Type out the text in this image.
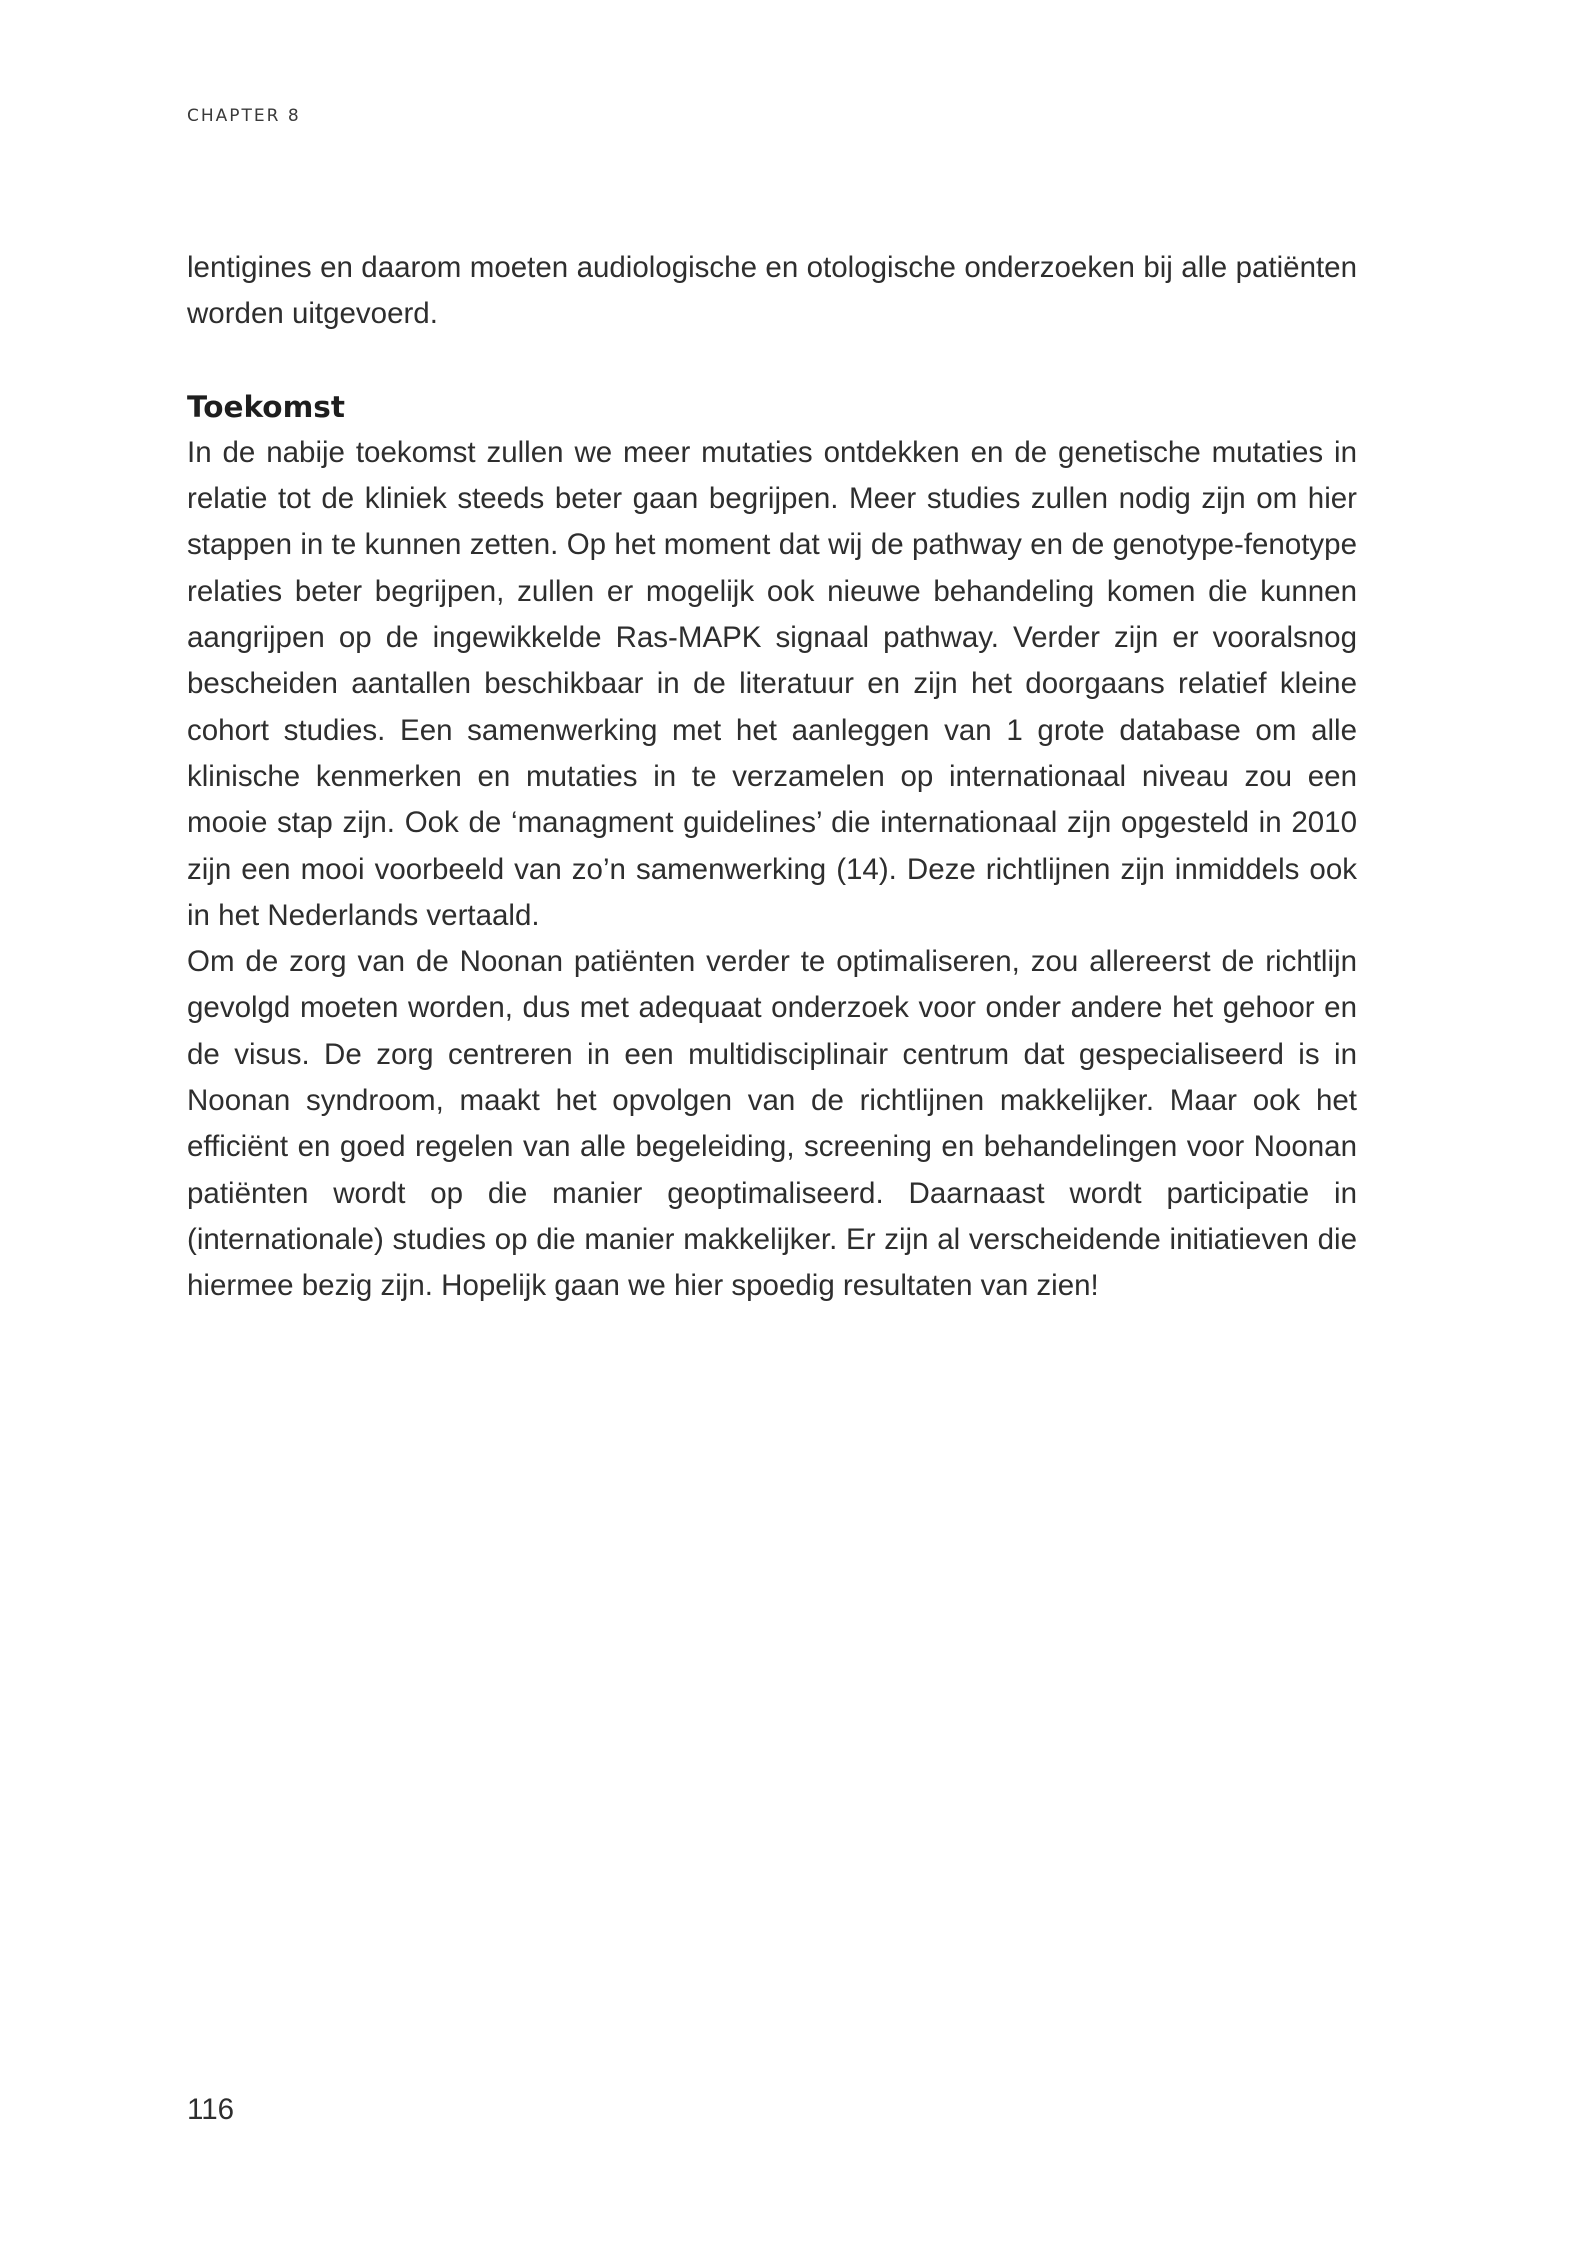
CHAPTER 8

lentigines en daarom moeten audiologische en otologische onderzoeken bij alle patiënten worden uitgevoerd.

Toekomst

In de nabije toekomst zullen we meer mutaties ontdekken en de genetische mutaties in relatie tot de kliniek steeds beter gaan begrijpen. Meer studies zullen nodig zijn om hier stappen in te kunnen zetten. Op het moment dat wij de pathway en de genotype-fenotype relaties beter begrijpen, zullen er mogelijk ook nieuwe behandeling komen die kunnen aangrijpen op de ingewikkelde Ras-MAPK signaal pathway. Verder zijn er vooralsnog bescheiden aantallen beschikbaar in de literatuur en zijn het doorgaans relatief kleine cohort studies. Een samenwerking met het aanleggen van 1 grote database om alle klinische kenmerken en mutaties in te verzamelen op internationaal niveau zou een mooie stap zijn. Ook de ‘managment guidelines’ die internationaal zijn opgesteld in 2010 zijn een mooi voorbeeld van zo’n samenwerking (14). Deze richtlijnen zijn inmiddels ook in het Nederlands vertaald.

Om de zorg van de Noonan patiënten verder te optimaliseren, zou allereerst de richtlijn gevolgd moeten worden, dus met adequaat onderzoek voor onder andere het gehoor en de visus. De zorg centreren in een multidisciplinair centrum dat gespecialiseerd is in Noonan syndroom, maakt het opvolgen van de richtlijnen makkelijker. Maar ook het efficiënt en goed regelen van alle begeleiding, screening en behandelingen voor Noonan patiënten wordt op die manier geoptimaliseerd. Daarnaast wordt participatie in (internationale) studies op die manier makkelijker. Er zijn al verscheidende initiatieven die hiermee bezig zijn. Hopelijk gaan we hier spoedig resultaten van zien!

116
